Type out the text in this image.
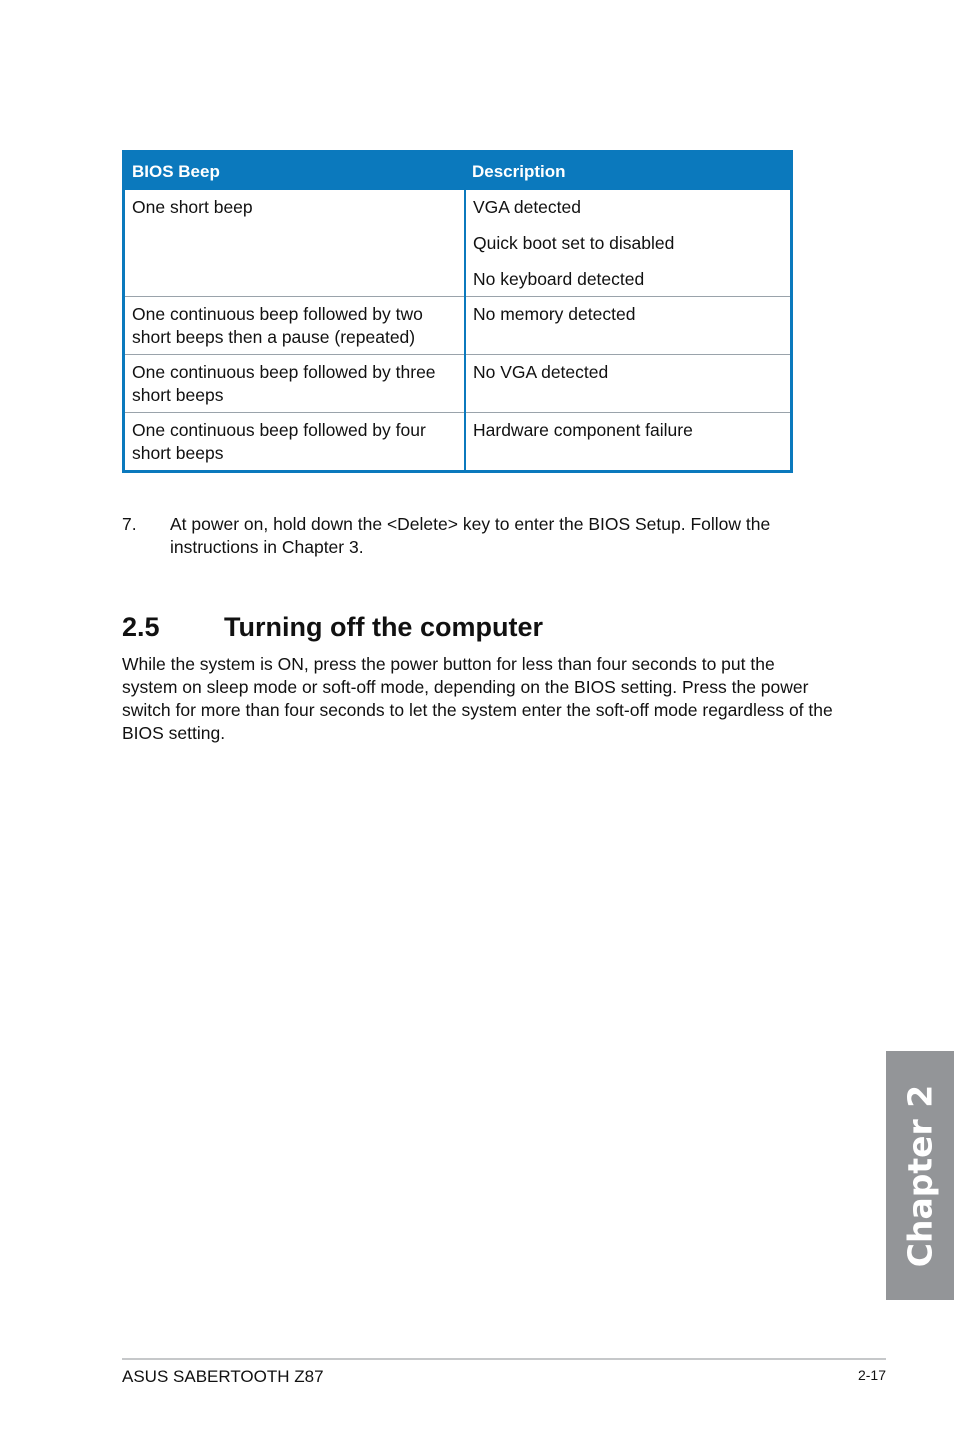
BIOS Beep	Description
One short beep	VGA detected
Quick boot set to disabled
No keyboard detected

One continuous beep followed by two short beeps then a pause (repeated)	No memory detected

One continuous beep followed by three short beeps	No VGA detected

One continuous beep followed by four short beeps	Hardware component failure
7. At power on, hold down the <Delete> key to enter the BIOS Setup. Follow the instructions in Chapter 3.
2.5 Turning off the computer

While the system is ON, press the power button for less than four seconds to put the system on sleep mode or soft-off mode, depending on the BIOS setting. Press the power switch for more than four seconds to let the system enter the soft-off mode regardless of the BIOS setting.

Chapter 2
ASUS SABERTOOTH Z87	2-17
